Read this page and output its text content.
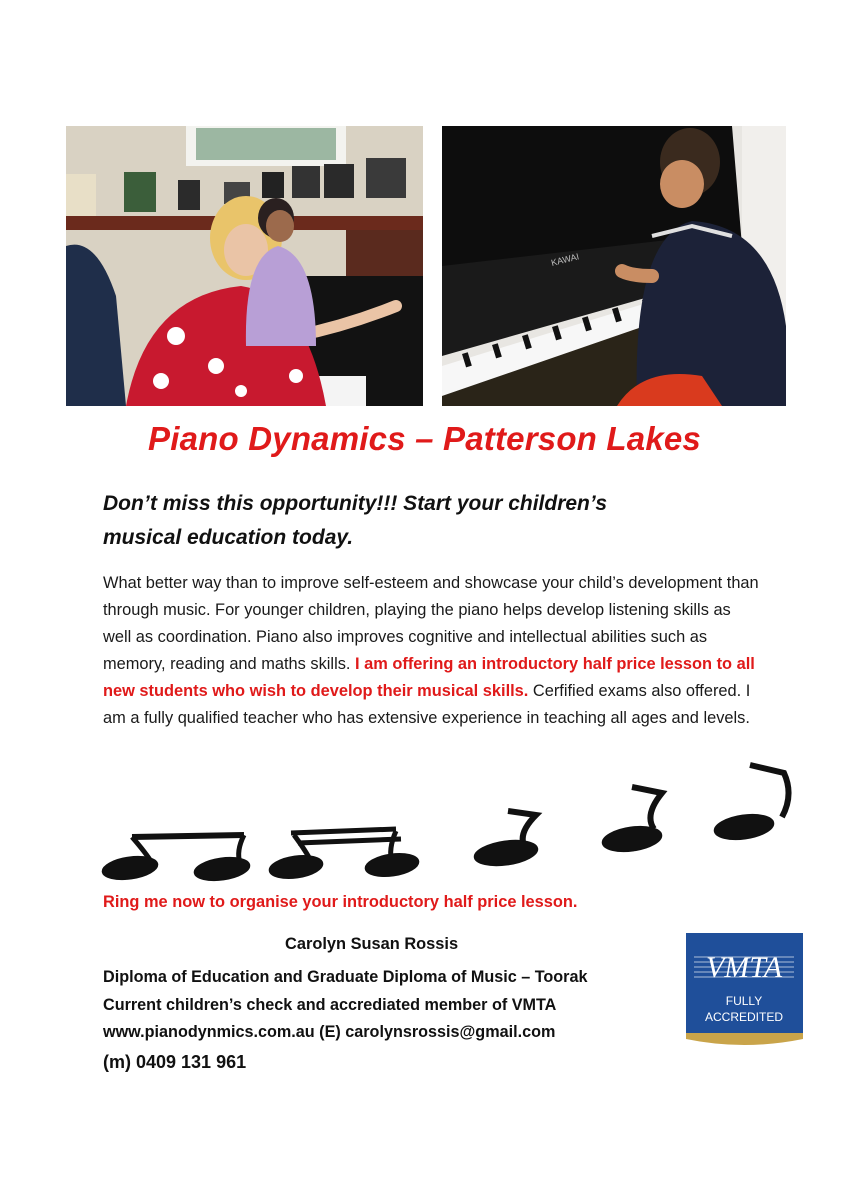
KAWAI
Piano Dynamics – Patterson Lakes
Don’t miss this opportunity!!! Start your children’s
musical education today.
What better way than to improve self-esteem and showcase your child’s development than through music. For younger children, playing the piano helps develop listening skills as well as coordination. Piano also improves cognitive and intellectual abilities such as memory, reading and maths skills. I am offering an introductory half price lesson to all new students who wish to develop their musical skills. Cerfified exams also offered. I am a fully qualified teacher who has extensive experience in teaching all ages and levels.
Ring me now to organise your introductory half price lesson.
Carolyn Susan Rossis
Diploma of Education and Graduate Diploma of Music – Toorak
Current children’s check and accrediated member of VMTA
www.pianodynmics.com.au (E) carolynsrossis@gmail.com
(m) 0409 131 961
VMTA
FULLY
ACCREDITED
